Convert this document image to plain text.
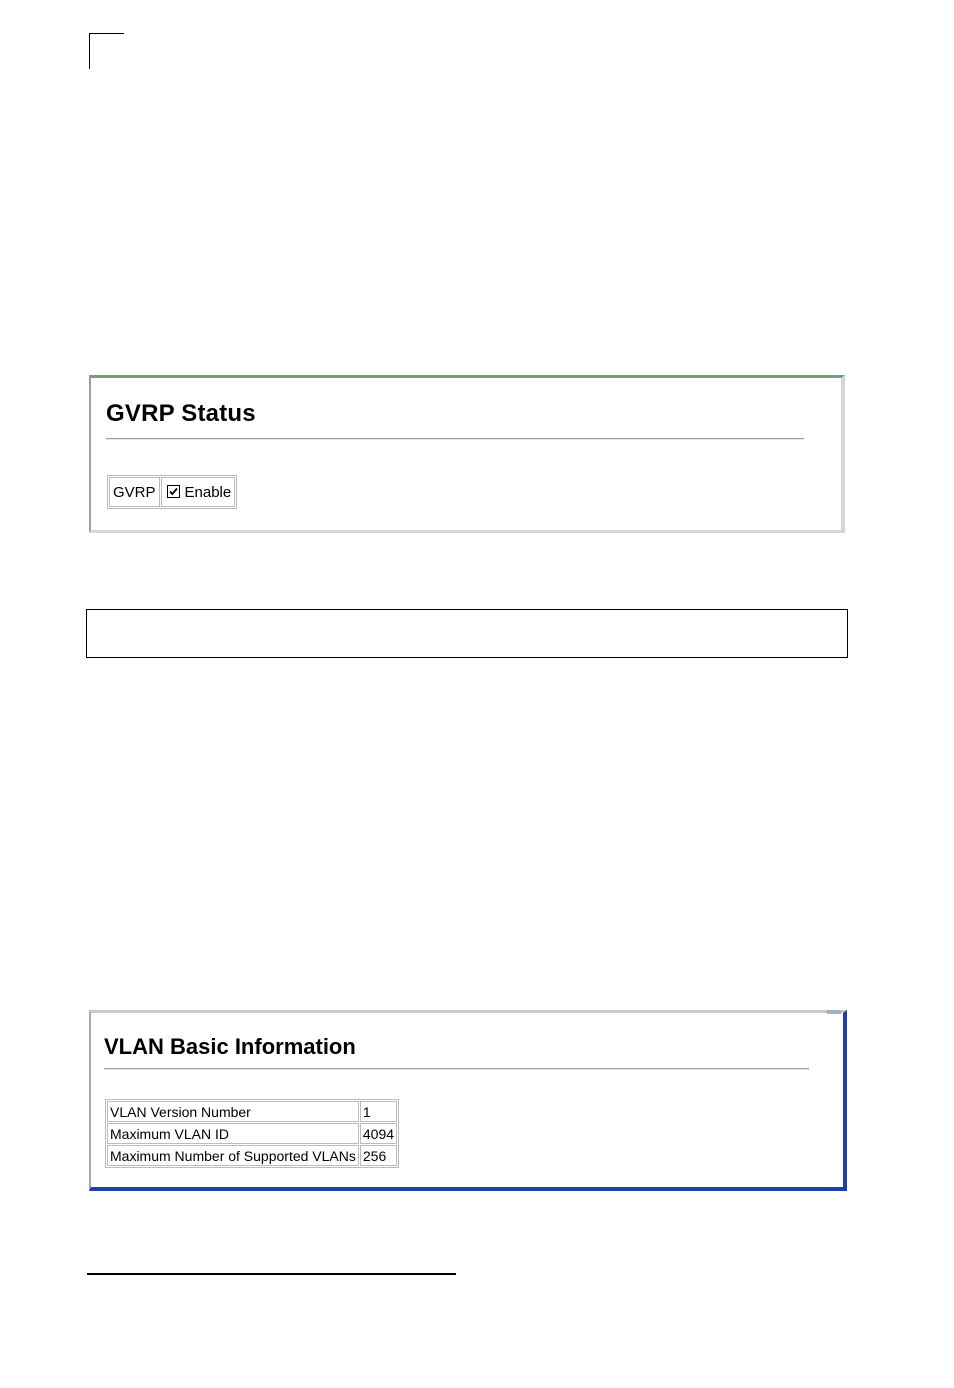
GVRP Status
GVRP	Enable
VLAN Basic Information
VLAN Version Number	1
Maximum VLAN ID	4094
Maximum Number of Supported VLANs	256
